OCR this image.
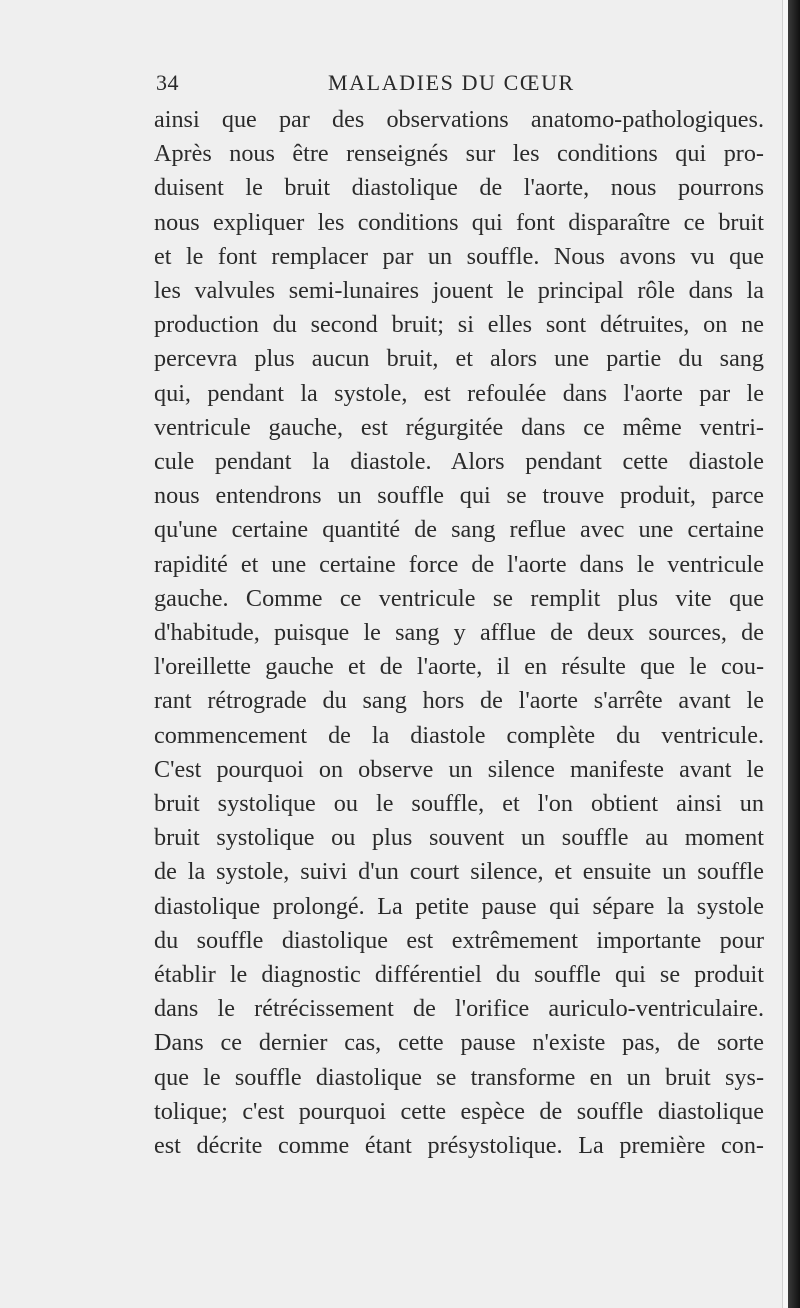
34	MALADIES DU CŒUR
ainsi que par des observations anatomo-pathologiques.
Après nous être renseignés sur les conditions qui pro-
duisent le bruit diastolique de l'aorte, nous pourrons
nous expliquer les conditions qui font disparaître ce bruit
et le font remplacer par un souffle. Nous avons vu que
les valvules semi-lunaires jouent le principal rôle dans la
production du second bruit; si elles sont détruites, on ne
percevra plus aucun bruit, et alors une partie du sang
qui, pendant la systole, est refoulée dans l'aorte par le
ventricule gauche, est régurgitée dans ce même ventri-
cule pendant la diastole. Alors pendant cette diastole
nous entendrons un souffle qui se trouve produit, parce
qu'une certaine quantité de sang reflue avec une certaine
rapidité et une certaine force de l'aorte dans le ventricule
gauche. Comme ce ventricule se remplit plus vite que
d'habitude, puisque le sang y afflue de deux sources, de
l'oreillette gauche et de l'aorte, il en résulte que le cou-
rant rétrograde du sang hors de l'aorte s'arrête avant le
commencement de la diastole complète du ventricule.
C'est pourquoi on observe un silence manifeste avant le
bruit systolique ou le souffle, et l'on obtient ainsi un
bruit systolique ou plus souvent un souffle au moment
de la systole, suivi d'un court silence, et ensuite un souffle
diastolique prolongé. La petite pause qui sépare la systole
du souffle diastolique est extrêmement importante pour
établir le diagnostic différentiel du souffle qui se produit
dans le rétrécissement de l'orifice auriculo-ventriculaire.
Dans ce dernier cas, cette pause n'existe pas, de sorte
que le souffle diastolique se transforme en un bruit sys-
tolique; c'est pourquoi cette espèce de souffle diastolique
est décrite comme étant présystolique. La première con-
